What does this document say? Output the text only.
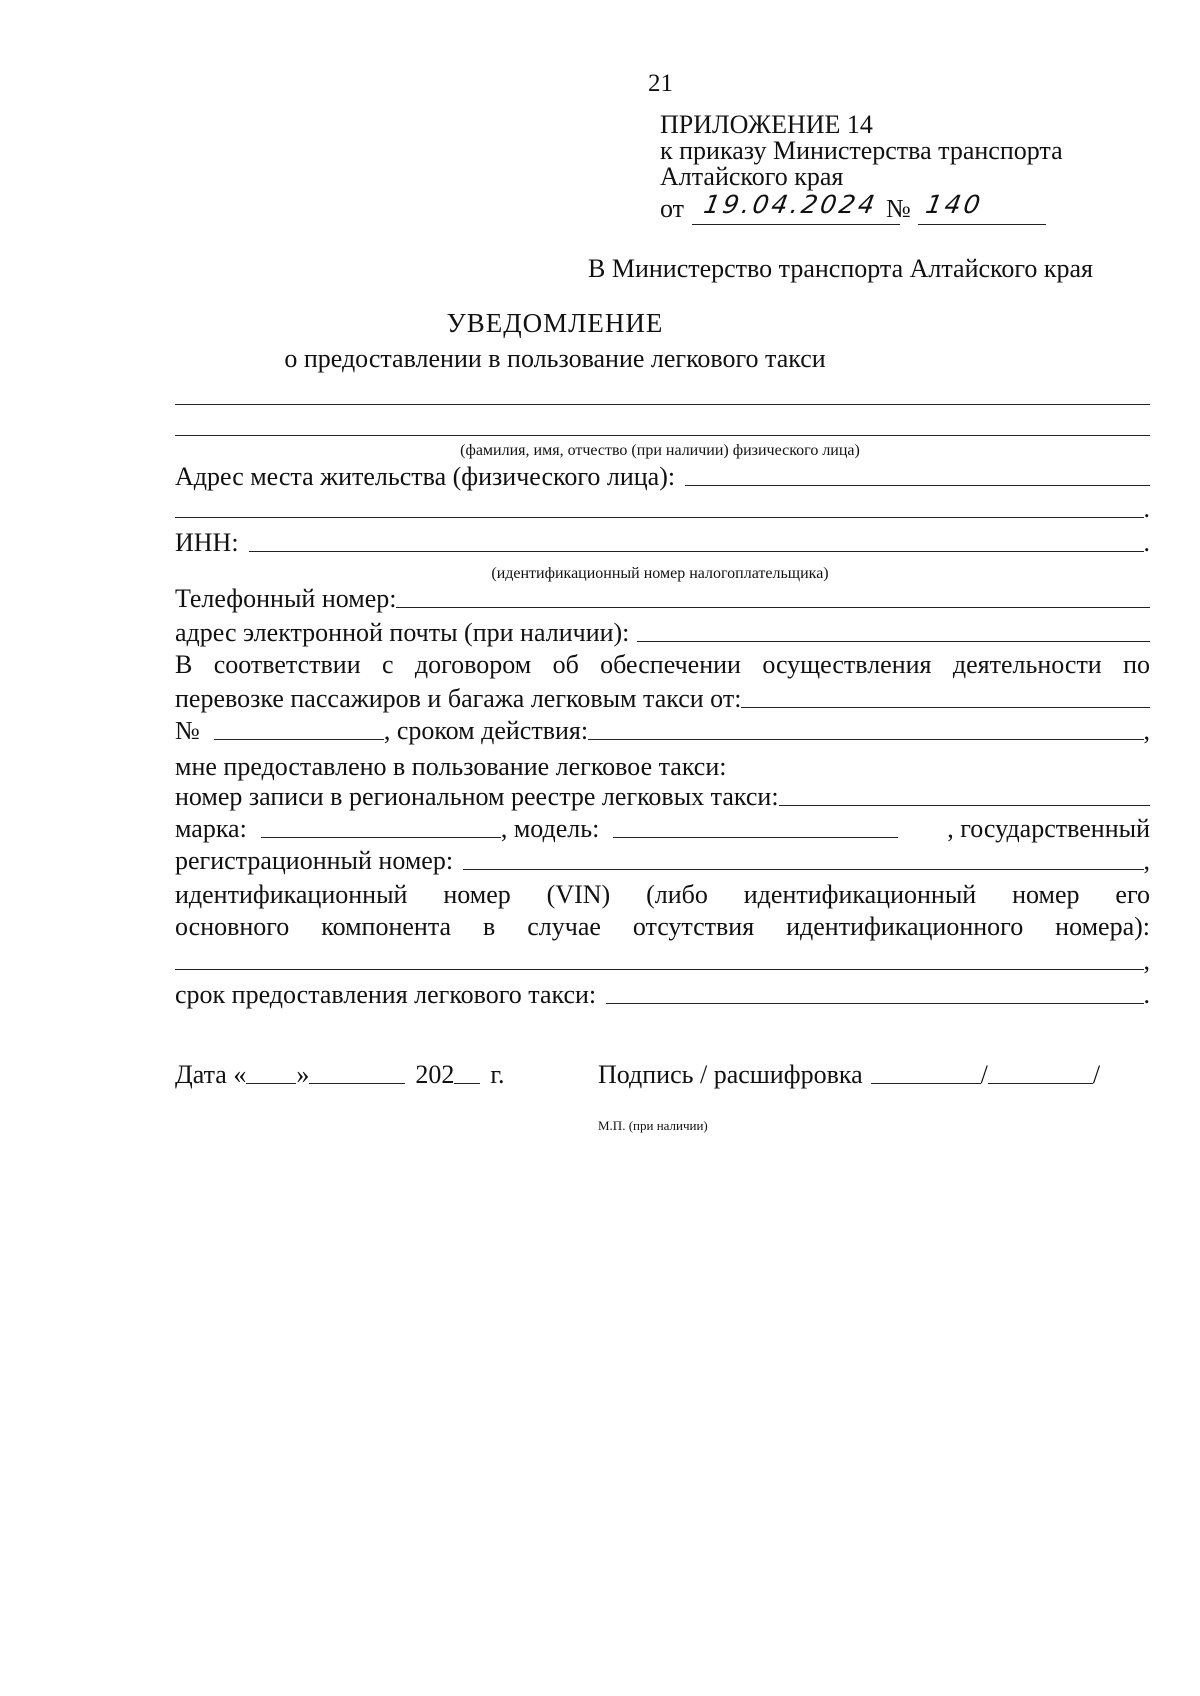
21
ПРИЛОЖЕНИЕ 14
к приказу Министерства транспорта
Алтайского края
от 19.04.2024 № 140
В Министерство транспорта Алтайского края
УВЕДОМЛЕНИЕ
о предоставлении в пользование легкового такси
(фамилия, имя, отчество (при наличии) физического лица)
Адрес места жительства (физического лица):
.
ИНН:	.
(идентификационный номер налогоплательщика)
Телефонный номер:
адрес электронной почты (при наличии):
В соответствии с договором об обеспечении осуществления деятельности по
перевозке пассажиров и багажа легковым такси от:
№	, сроком действия:	,
мне предоставлено в пользование легковое такси:
номер записи в региональном реестре легковых такси:
марка:	, модель:	, государственный
регистрационный номер:	,
идентификационный номер (VIN) (либо идентификационный номер его
основного компонента в случае отсутствия идентификационного номера):
,
срок предоставления легкового такси:	.
Дата « »	202 г.	Подпись / расшифровка	/	/
М.П. (при наличии)
